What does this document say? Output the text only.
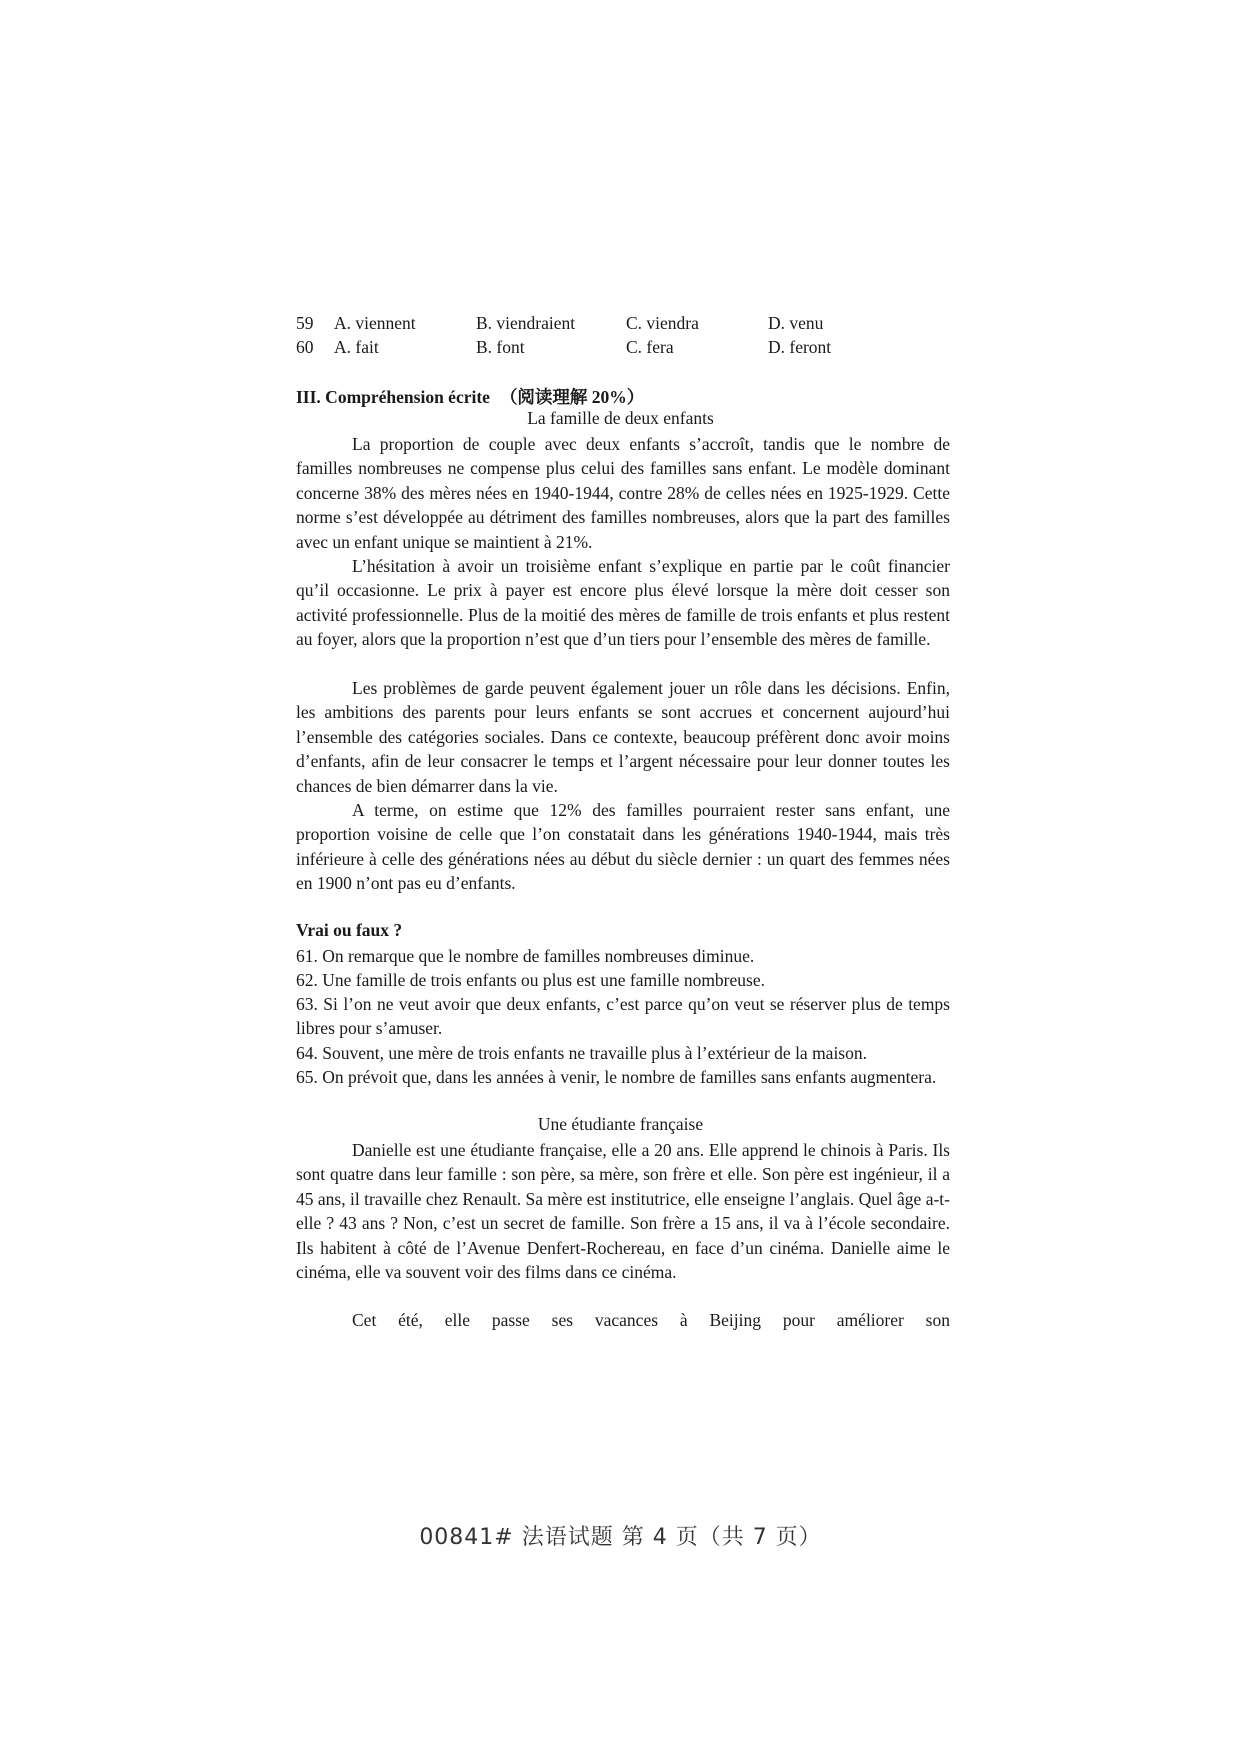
59 A. viennent	B. viendraient	C. viendra	D. venu
60 A. fait	B. font	C. fera	D. feront
III. Compréhension écrite （阅读理解 20%）
La famille de deux enfants

La proportion de couple avec deux enfants s’accroît, tandis que le nombre de familles nombreuses ne compense plus celui des familles sans enfant. Le modèle dominant concerne 38% des mères nées en 1940-1944, contre 28% de celles nées en 1925-1929. Cette norme s’est développée au détriment des familles nombreuses, alors que la part des familles avec un enfant unique se maintient à 21%.

L’hésitation à avoir un troisième enfant s’explique en partie par le coût financier qu’il occasionne. Le prix à payer est encore plus élevé lorsque la mère doit cesser son activité professionnelle. Plus de la moitié des mères de famille de trois enfants et plus restent au foyer, alors que la proportion n’est que d’un tiers pour l’ensemble des mères de famille.

Les problèmes de garde peuvent également jouer un rôle dans les décisions. Enfin, les ambitions des parents pour leurs enfants se sont accrues et concernent aujourd’hui l’ensemble des catégories sociales. Dans ce contexte, beaucoup préfèrent donc avoir moins d’enfants, afin de leur consacrer le temps et l’argent nécessaire pour leur donner toutes les chances de bien démarrer dans la vie.

A terme, on estime que 12% des familles pourraient rester sans enfant, une proportion voisine de celle que l’on constatait dans les générations 1940-1944, mais très inférieure à celle des générations nées au début du siècle dernier : un quart des femmes nées en 1900 n’ont pas eu d’enfants.

Vrai ou faux ?

61. On remarque que le nombre de familles nombreuses diminue.

62. Une famille de trois enfants ou plus est une famille nombreuse.

63. Si l’on ne veut avoir que deux enfants, c’est parce qu’on veut se réserver plus de temps libres pour s’amuser.

64. Souvent, une mère de trois enfants ne travaille plus à l’extérieur de la maison.

65. On prévoit que, dans les années à venir, le nombre de familles sans enfants augmentera.

Une étudiante française

Danielle est une étudiante française, elle a 20 ans. Elle apprend le chinois à Paris. Ils sont quatre dans leur famille : son père, sa mère, son frère et elle. Son père est ingénieur, il a 45 ans, il travaille chez Renault. Sa mère est institutrice, elle enseigne l’anglais. Quel âge a-t-elle ? 43 ans ? Non, c’est un secret de famille. Son frère a 15 ans, il va à l’école secondaire. Ils habitent à côté de l’Avenue Denfert-Rochereau, en face d’un cinéma. Danielle aime le cinéma, elle va souvent voir des films dans ce cinéma.

Cet été, elle passe ses vacances à Beijing pour améliorer son

00841# 法语试题 第 4 页（共 7 页）
